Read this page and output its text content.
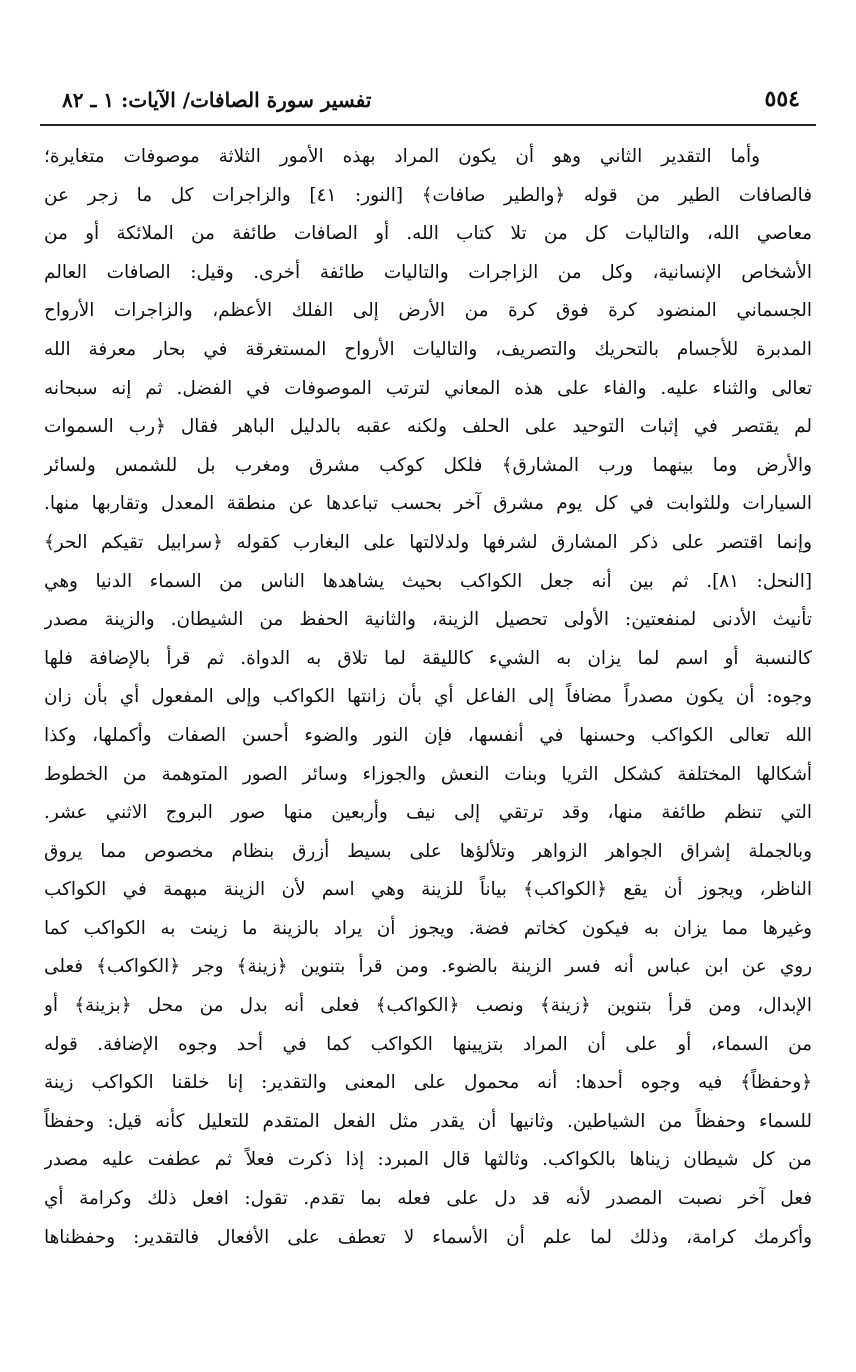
٥٥٤
تفسير سورة الصافات/ الآيات: ١ ـ ٨٢
وأما التقدير الثاني وهو أن يكون المراد بهذه الأمور الثلاثة موصوفات متغايرة؛
فالصافات الطير من قوله ﴿والطير صافات﴾ [النور: ٤١] والزاجرات كل ما زجر عن
معاصي الله، والتاليات كل من تلا كتاب الله. أو الصافات طائفة من الملائكة أو من
الأشخاص الإنسانية، وكل من الزاجرات والتاليات طائفة أخرى. وقيل: الصافات العالم
الجسماني المنضود كرة فوق كرة من الأرض إلى الفلك الأعظم، والزاجرات الأرواح
المدبرة للأجسام بالتحريك والتصريف، والتاليات الأرواح المستغرقة في بحار معرفة الله
تعالى والثناء عليه. والفاء على هذه المعاني لترتب الموصوفات في الفضل. ثم إنه سبحانه
لم يقتصر في إثبات التوحيد على الحلف ولكنه عقبه بالدليل الباهر فقال ﴿رب السموات
والأرض وما بينهما ورب المشارق﴾ فلكل كوكب مشرق ومغرب بل للشمس ولسائر
السيارات وللثوابت في كل يوم مشرق آخر بحسب تباعدها عن منطقة المعدل وتقاربها منها.
وإنما اقتصر على ذكر المشارق لشرفها ولدلالتها على البغارب كقوله ﴿سرابيل تقيكم الحر﴾
[النحل: ٨١]. ثم بين أنه جعل الكواكب بحيث يشاهدها الناس من السماء الدنيا وهي
تأنيث الأدنى لمنفعتين: الأولى تحصيل الزينة، والثانية الحفظ من الشيطان. والزينة مصدر
كالنسبة أو اسم لما يزان به الشيء كالليقة لما تلاق به الدواة. ثم قرأ بالإضافة فلها
وجوه: أن يكون مصدراً مضافاً إلى الفاعل أي بأن زانتها الكواكب وإلى المفعول أي بأن زان
الله تعالى الكواكب وحسنها في أنفسها، فإن النور والضوء أحسن الصفات وأكملها، وكذا
أشكالها المختلفة كشكل الثريا وبنات النعش والجوزاء وسائر الصور المتوهمة من الخطوط
التي تنظم طائفة منها، وقد ترتقي إلى نيف وأربعين منها صور البروج الاثني عشر.
وبالجملة إشراق الجواهر الزواهر وتلألؤها على بسيط أزرق بنظام مخصوص مما يروق
الناظر، ويجوز أن يقع ﴿الكواكب﴾ بياناً للزينة وهي اسم لأن الزينة مبهمة في الكواكب
وغيرها مما يزان به فيكون كخاتم فضة. ويجوز أن يراد بالزينة ما زينت به الكواكب كما
روي عن ابن عباس أنه فسر الزينة بالضوء. ومن قرأ بتنوين ﴿زينة﴾ وجر ﴿الكواكب﴾ فعلى
الإبدال، ومن قرأ بتنوين ﴿زينة﴾ ونصب ﴿الكواكب﴾ فعلى أنه بدل من محل ﴿بزينة﴾ أو
من السماء، أو على أن المراد بتزيينها الكواكب كما في أحد وجوه الإضافة. قوله
﴿وحفظاً﴾ فيه وجوه أحدها: أنه محمول على المعنى والتقدير: إنا خلقنا الكواكب زينة
للسماء وحفظاً من الشياطين. وثانيها أن يقدر مثل الفعل المتقدم للتعليل كأنه قيل: وحفظاً
من كل شيطان زيناها بالكواكب. وثالثها قال المبرد: إذا ذكرت فعلاً ثم عطفت عليه مصدر
فعل آخر نصبت المصدر لأنه قد دل على فعله بما تقدم. تقول: افعل ذلك وكرامة أي
وأكرمك كرامة، وذلك لما علم أن الأسماء لا تعطف على الأفعال فالتقدير: وحفظناها
